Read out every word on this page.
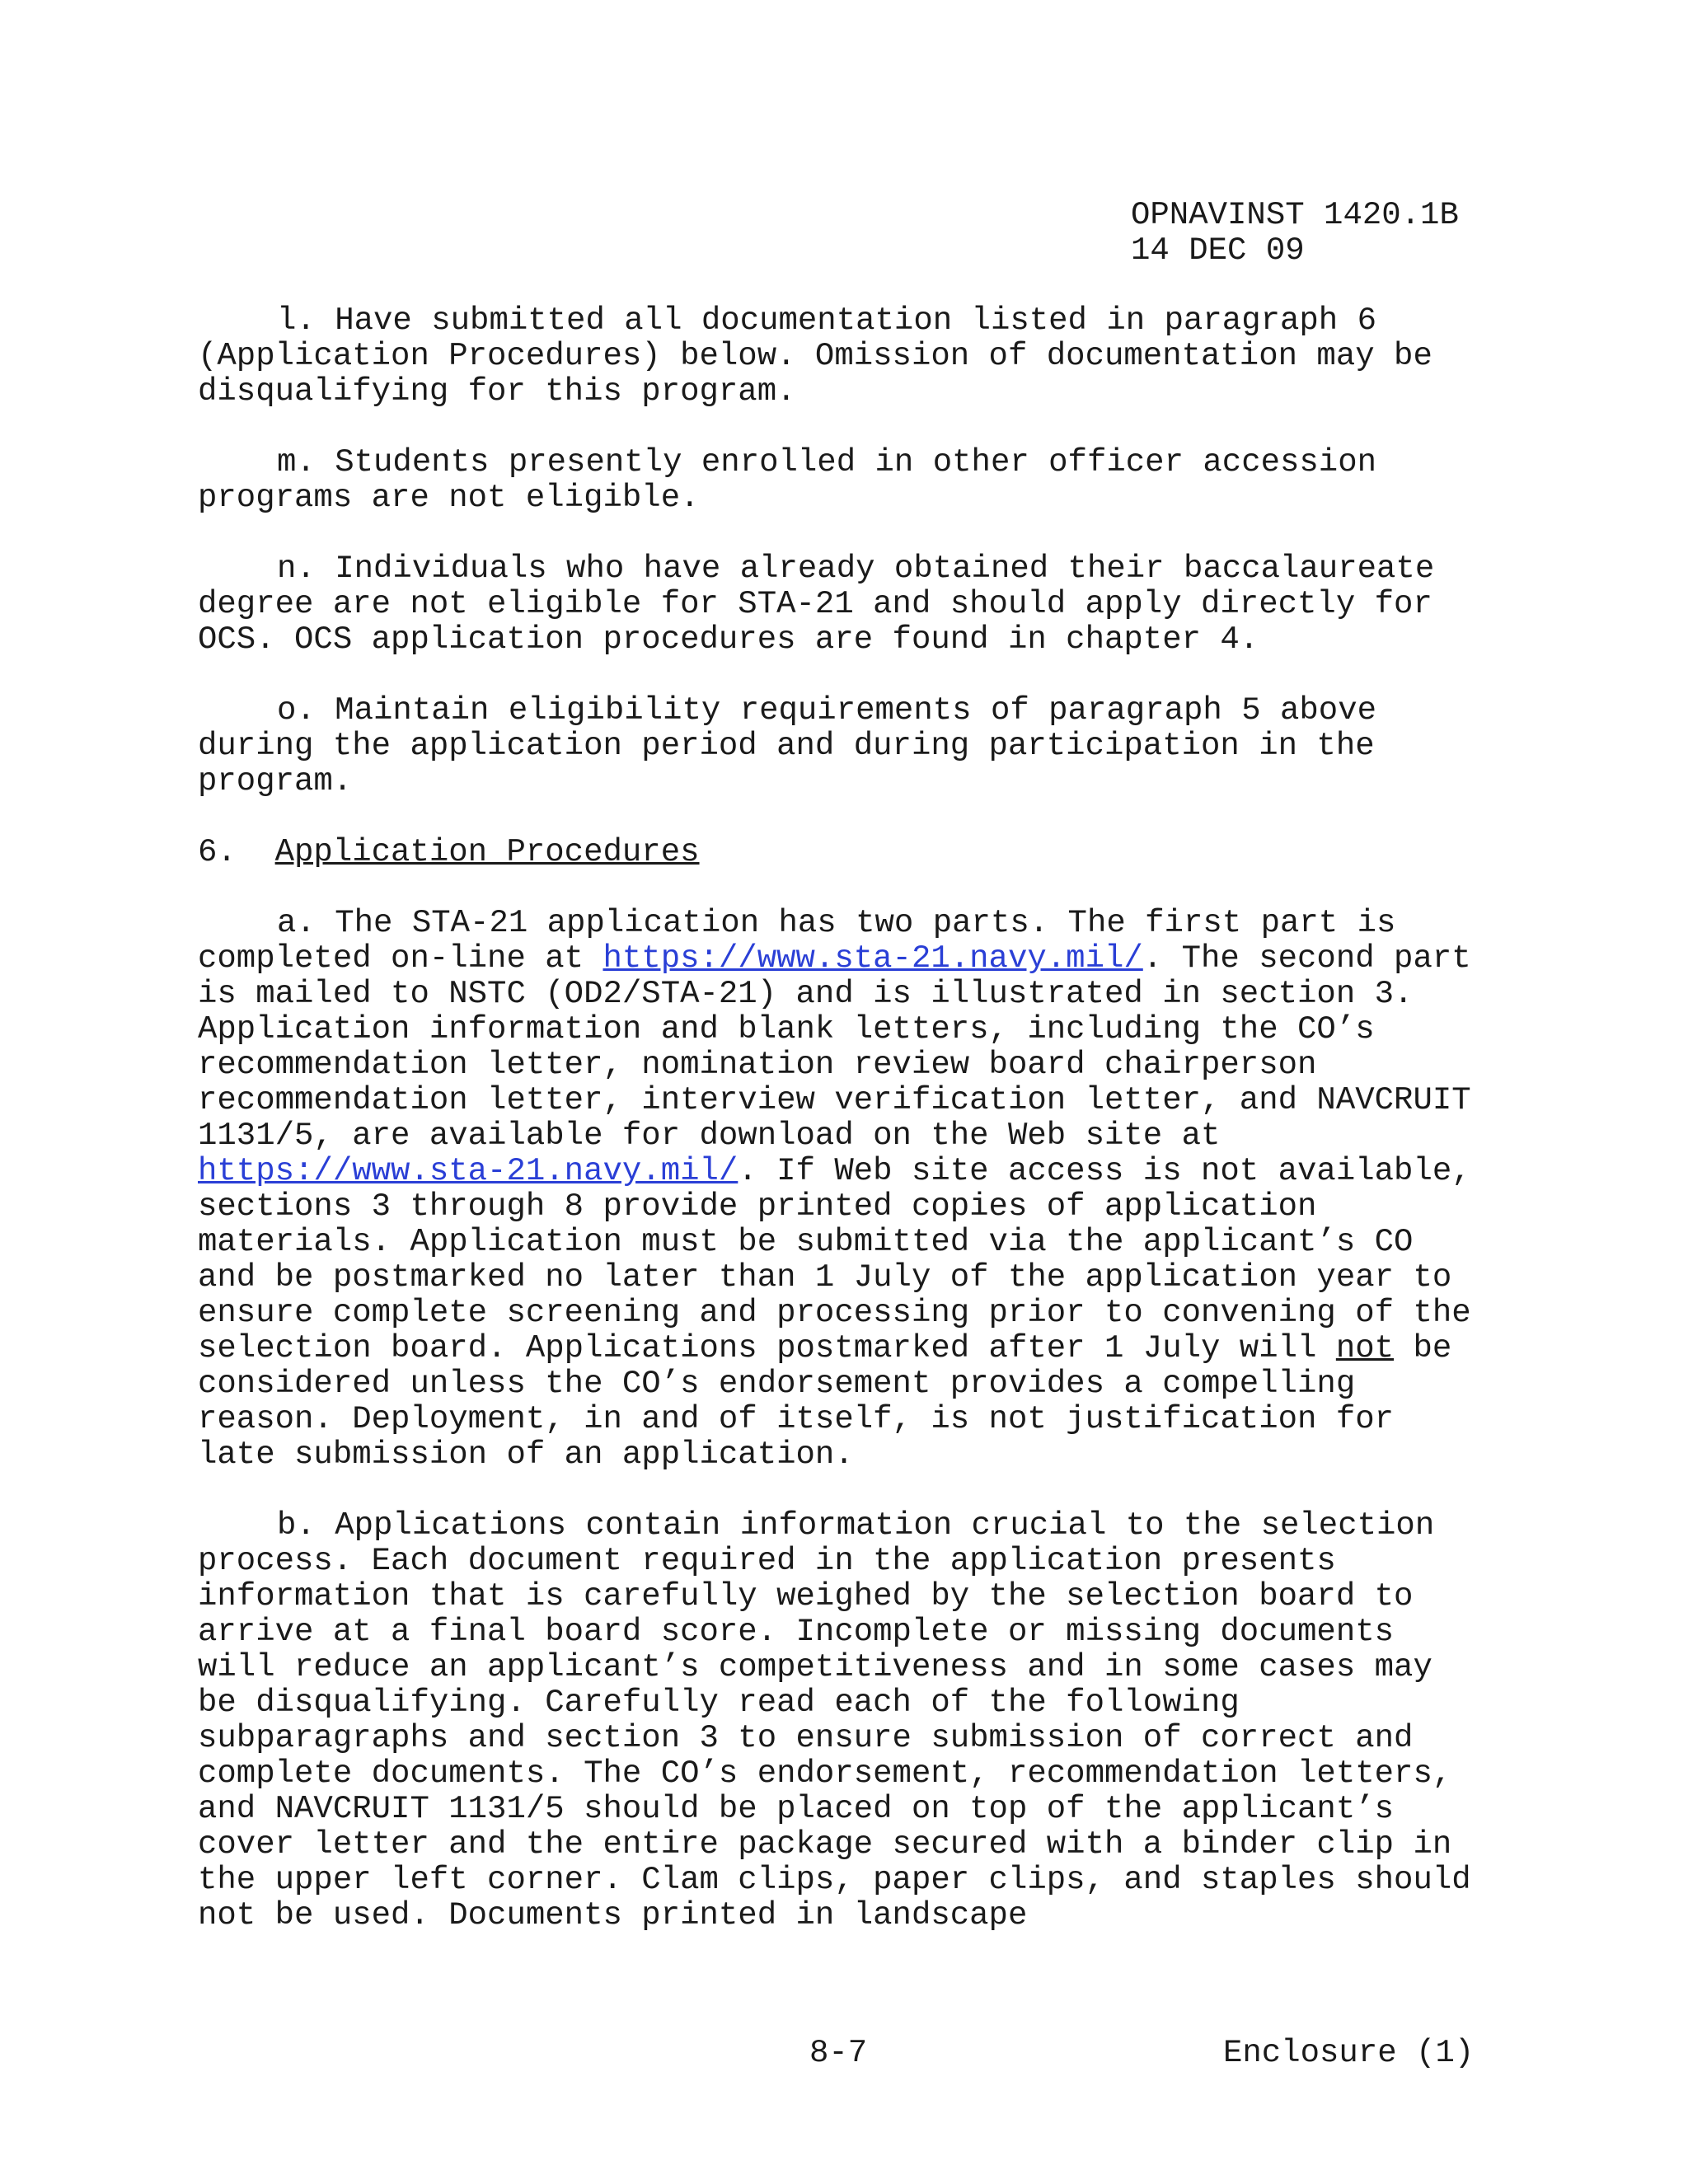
OPNAVINST 1420.1B
14 DEC 09

l. Have submitted all documentation listed in paragraph 6 (Application Procedures) below. Omission of documentation may be disqualifying for this program.

m. Students presently enrolled in other officer accession programs are not eligible.

n. Individuals who have already obtained their baccalaureate degree are not eligible for STA-21 and should apply directly for OCS. OCS application procedures are found in chapter 4.

o. Maintain eligibility requirements of paragraph 5 above during the application period and during participation in the program.

6.  Application Procedures

a. The STA-21 application has two parts. The first part is completed on-line at https://www.sta-21.navy.mil/. The second part is mailed to NSTC (OD2/STA-21) and is illustrated in section 3. Application information and blank letters, including the CO’s recommendation letter, nomination review board chairperson recommendation letter, interview verification letter, and NAVCRUIT 1131/5, are available for download on the Web site at https://www.sta-21.navy.mil/. If Web site access is not available, sections 3 through 8 provide printed copies of application materials. Application must be submitted via the applicant’s CO and be postmarked no later than 1 July of the application year to ensure complete screening and processing prior to convening of the selection board. Applications postmarked after 1 July will not be considered unless the CO’s endorsement provides a compelling reason. Deployment, in and of itself, is not justification for late submission of an application.

b. Applications contain information crucial to the selection process. Each document required in the application presents information that is carefully weighed by the selection board to arrive at a final board score. Incomplete or missing documents will reduce an applicant’s competitiveness and in some cases may be disqualifying. Carefully read each of the following subparagraphs and section 3 to ensure submission of correct and complete documents. The CO’s endorsement, recommendation letters, and NAVCRUIT 1131/5 should be placed on top of the applicant’s cover letter and the entire package secured with a binder clip in the upper left corner. Clam clips, paper clips, and staples should not be used. Documents printed in landscape

8-7	Enclosure (1)
